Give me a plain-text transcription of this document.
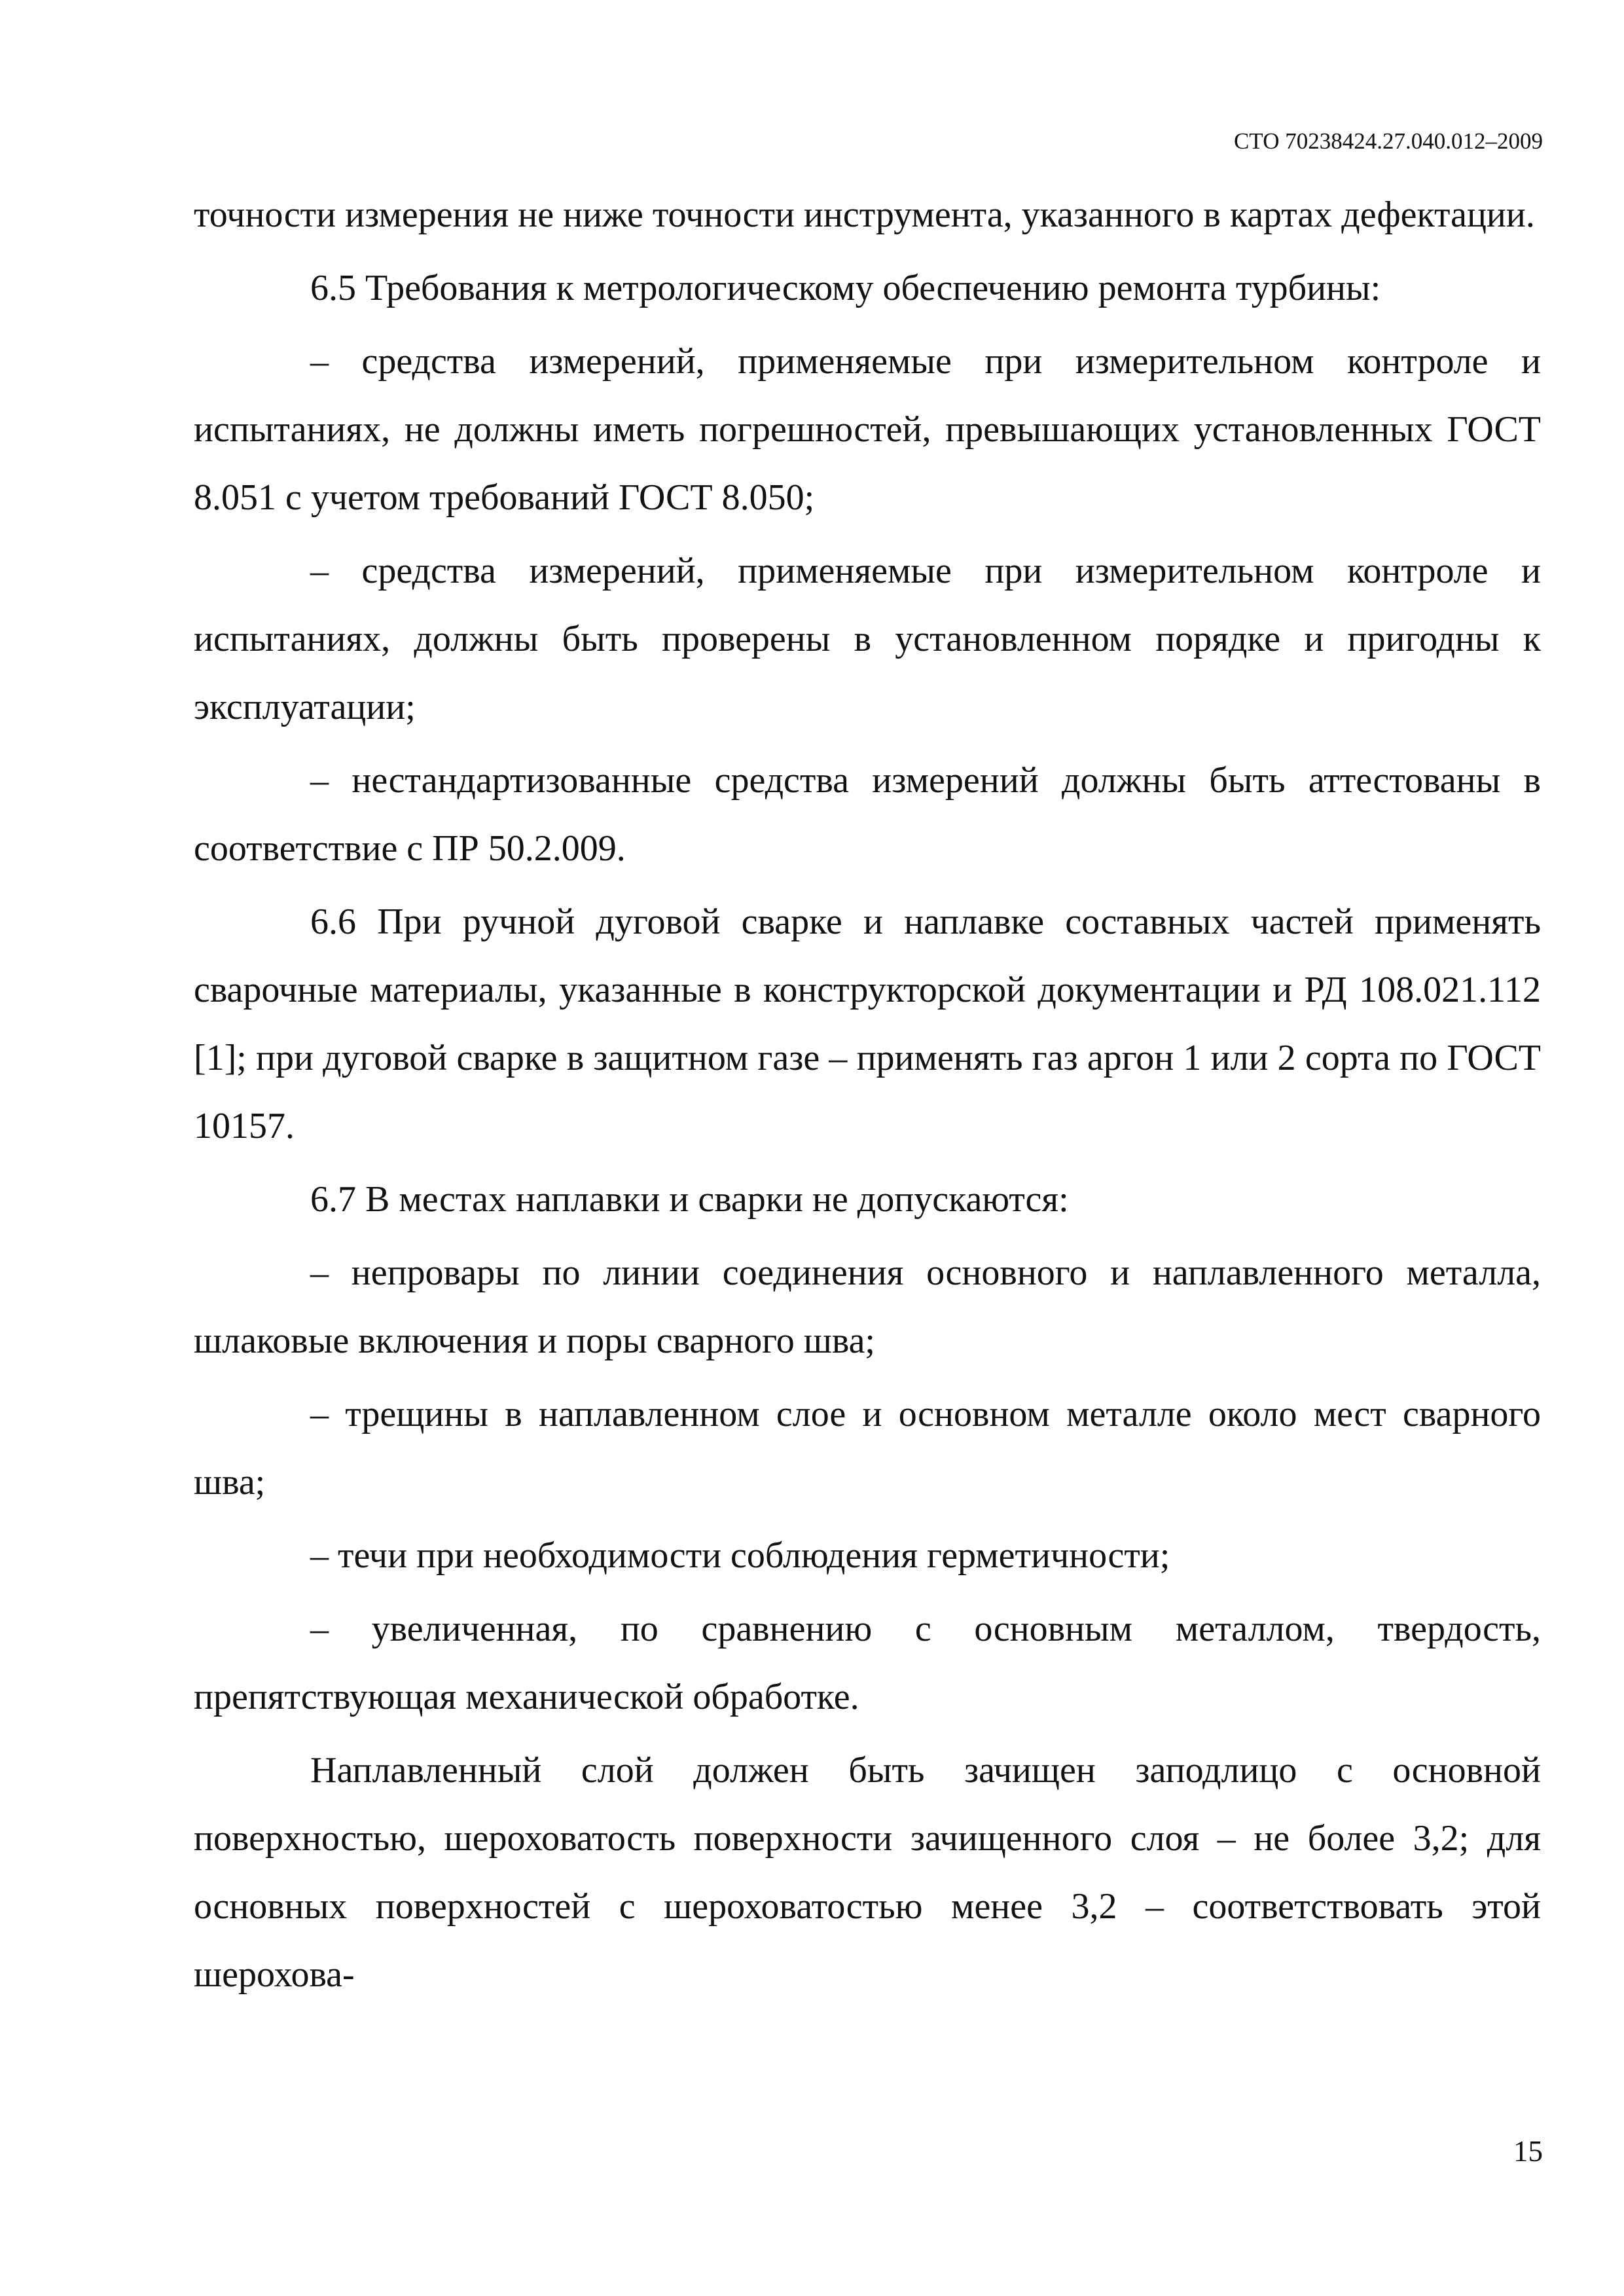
СТО 70238424.27.040.012–2009

точности измерения не ниже точности инструмента, указанного в картах дефектации.

6.5 Требования к метрологическому обеспечению ремонта турбины:

– средства измерений, применяемые при измерительном контроле и испытаниях, не должны иметь погрешностей, превышающих установленных ГОСТ 8.051 с учетом требований ГОСТ 8.050;

– средства измерений, применяемые при измерительном контроле и испытаниях, должны быть проверены в установленном порядке и пригодны к эксплуатации;

– нестандартизованные средства измерений должны быть аттестованы в соответствие с ПР 50.2.009.

6.6 При ручной дуговой сварке и наплавке составных частей применять сварочные материалы, указанные в конструкторской документации и РД 108.021.112 [1]; при дуговой сварке в защитном газе – применять газ аргон 1 или 2 сорта по ГОСТ 10157.

6.7 В местах наплавки и сварки не допускаются:

– непровары по линии соединения основного и наплавленного металла, шлаковые включения и поры сварного шва;

– трещины в наплавленном слое и основном металле около мест сварного шва;

– течи при необходимости соблюдения герметичности;

– увеличенная, по сравнению с основным металлом, твердость, препятствующая механической обработке.

Наплавленный слой должен быть зачищен заподлицо с основной поверхностью, шероховатость поверхности зачищенного слоя – не более 3,2; для основных поверхностей с шероховатостью менее 3,2 – соответствовать этой шерохова-

15
